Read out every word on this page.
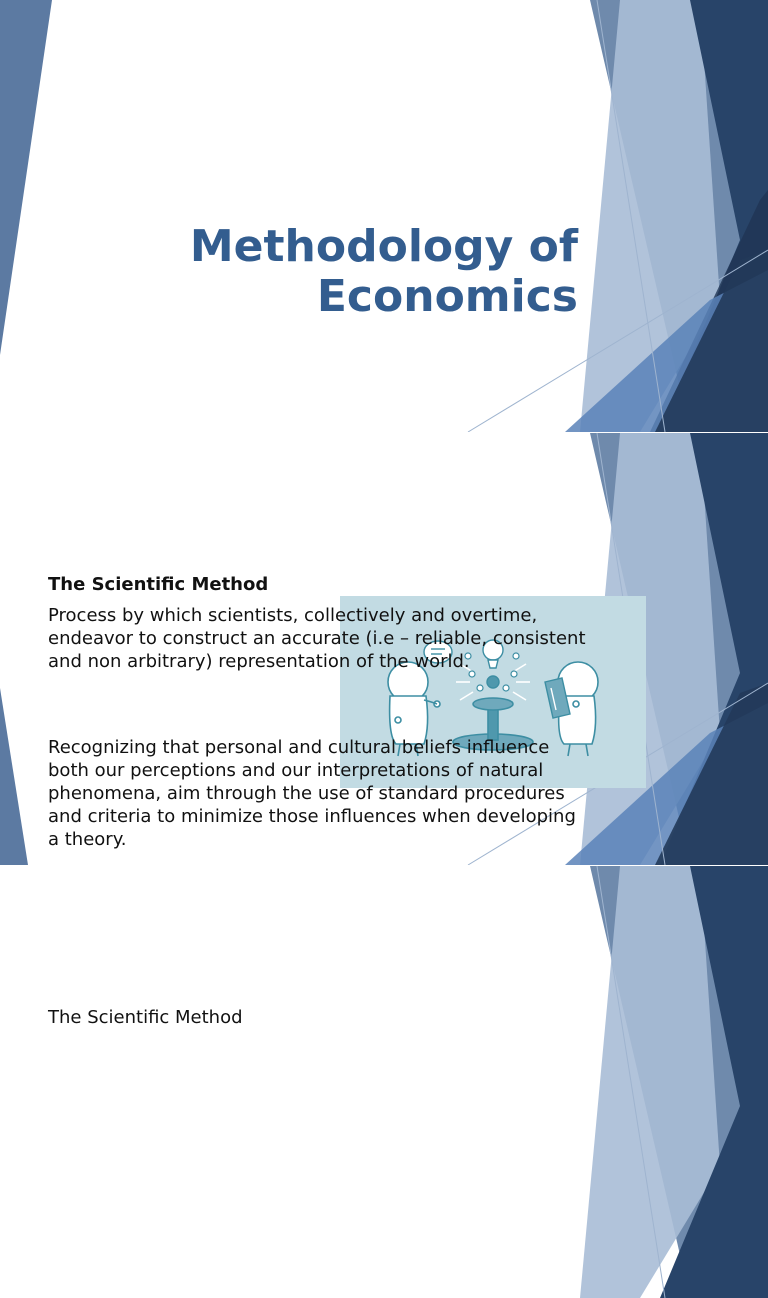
Methodology of
Economics
The Scientific Method

Process by which scientists, collectively and overtime, endeavor to construct an accurate (i.e – reliable, consistent and non arbitrary) representation of the world.

Recognizing that personal and cultural beliefs influence both our perceptions and our interpretations of natural phenomena, aim through the use of standard procedures and criteria to minimize those influences when developing a theory.

The Scientific Method
